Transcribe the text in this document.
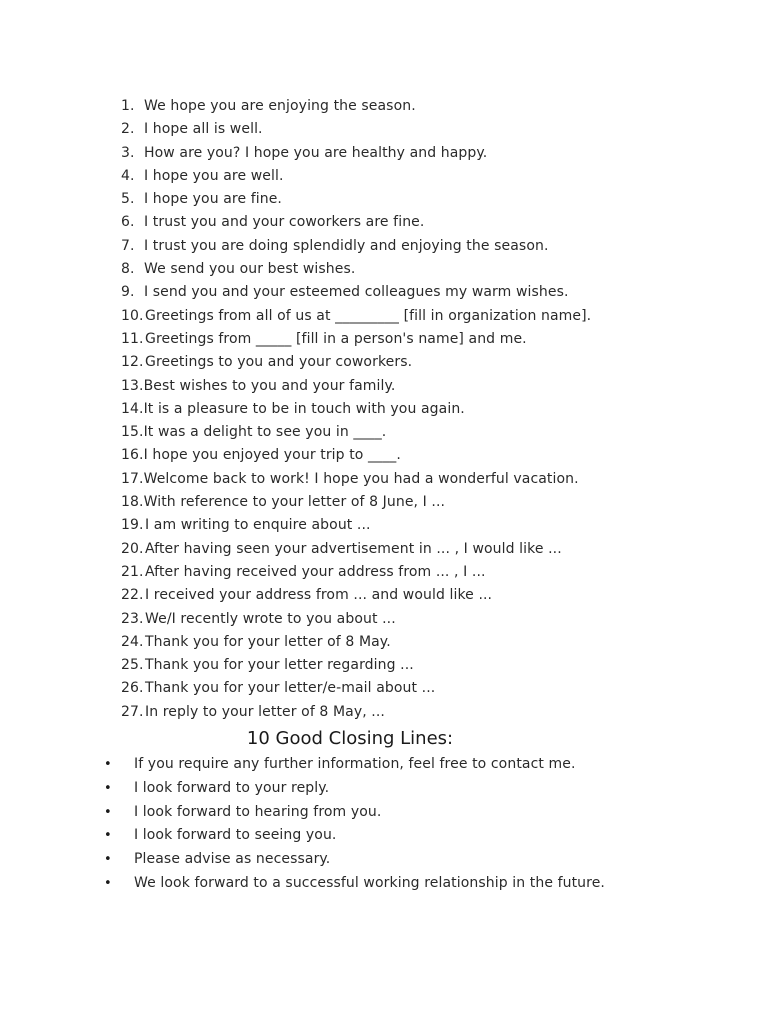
1. We hope you are enjoying the season.
2. I hope all is well.
3. How are you? I hope you are healthy and happy.
4. I hope you are well.
5. I hope you are fine.
6. I trust you and your coworkers are fine.
7. I trust you are doing splendidly and enjoying the season.
8. We send you our best wishes.
9. I send you and your esteemed colleagues my warm wishes.
10.Greetings from all of us at _________ [fill in organization name].
11.Greetings from _____ [fill in a person's name] and me.
12.Greetings to you and your coworkers.
13.Best wishes to you and your family.
14.It is a pleasure to be in touch with you again.
15.It was a delight to see you in ____.
16.I hope you enjoyed your trip to ____.
17.Welcome back to work! I hope you had a wonderful vacation.
18.With reference to your letter of 8 June, I ...
19.I am writing to enquire about ...
20.After having seen your advertisement in ... , I would like ...
21.After having received your address from ... , I ...
22.I received your address from ... and would like ...
23.We/I recently wrote to you about ...
24.Thank you for your letter of 8 May.
25.Thank you for your letter regarding ...
26.Thank you for your letter/e-mail about ...
27.In reply to your letter of 8 May, ...
10 Good Closing Lines:
• If you require any further information, feel free to contact me.
• I look forward to your reply.
• I look forward to hearing from you.
• I look forward to seeing you.
• Please advise as necessary.
• We look forward to a successful working relationship in the future.
